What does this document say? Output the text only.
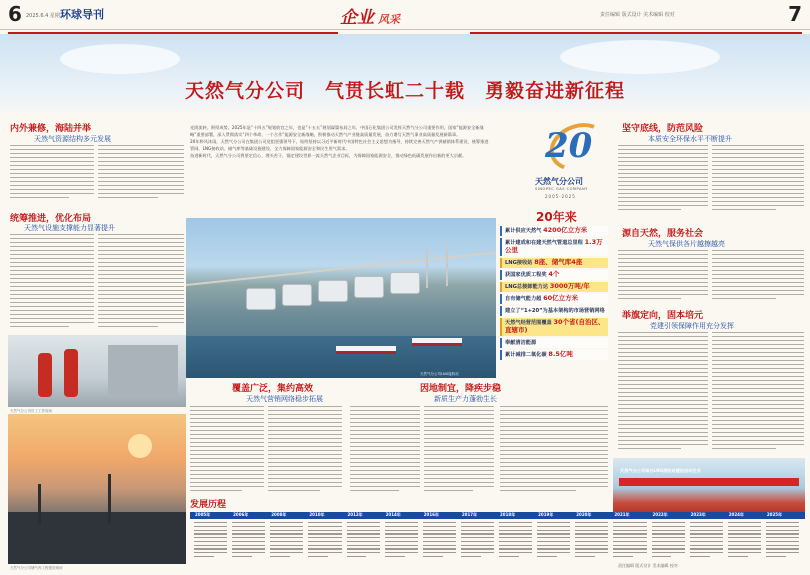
6 2025.6.4 星期三
环球导刊	企业 风采	责任编辑 版式设计 美术编辑 校对	7
天然气分公司　气贯长虹二十载　勇毅奋进新征程
内外兼修，海陆并举
天然气资源结构多元发展
统筹推进，优化布局
天然气设施支撑能力显著提升
天然气分公司员工工作现场
天然气分公司储气库工程建设现场

光阴流转，积厚成势。2025年是“十四五”规划收官之年，也是“十五五”规划谋篇布局之年，中国石化集团公司发挥天然气分公司重要作用，国家“能源安全新战略”重要部署，深入贯彻落实“四个革命、一个合作”能源安全新战略，积极推动天然气产业链高质量发展，奋力谱写天然气事业高质量发展新篇章。

20年栉风沐雨，天然气分公司在集团公司党组坚强领导下，始终坚持以习近平新时代中国特色社会主义思想为指导，持续完善天然气产供储销体系建设，统筹推进管网、LNG接收站、储气库等基础设施建设，全力保障国家能源安全和民生用气需求。

奋进新时代，天然气分公司将坚定信心、埋头苦干，锚定建设世界一流天然气企业目标，为保障国家能源安全、推动绿色低碳发展作出新的更大贡献。

天然气分公司LNG接收站
覆盖广泛，集约高效
天然气营销网络稳步拓展
因地制宜，降疾步稳
新质生产力蓬勃生长
20
天然气分公司
SINOPEC GAS COMPANY
2005-2025
20年来
累计供应天然气 4200亿立方米
累计建成和在建天然气管道总里程 1.3万公里
LNG接收站 8座、储气库4座
获国家优质工程奖 4个
LNG总接卸能力达 3000万吨/年
自有储气能力超 60亿立方米
建立了“1+20”为基本架构的市场营销网络
天然气经营范围覆盖 30个省(自治区、直辖市)
奉献清洁能源
累计减排二氧化碳 8.5亿吨
坚守底线，防范风险
本质安全环保水平不断提升
源自天然，服务社会
天然气保供各片越擦越亮
举旗定向，固本培元
党建引领保障作用充分发挥
天然气分公司举办LNG接收站建设启动仪式
发展历程
2005年	2006年	2008年	2010年	2012年	2014年	2016年	2017年	2018年	2019年	2020年	2021年	2022年	2023年	2024年	2025年
责任编辑 版式设计 美术编辑 校对
